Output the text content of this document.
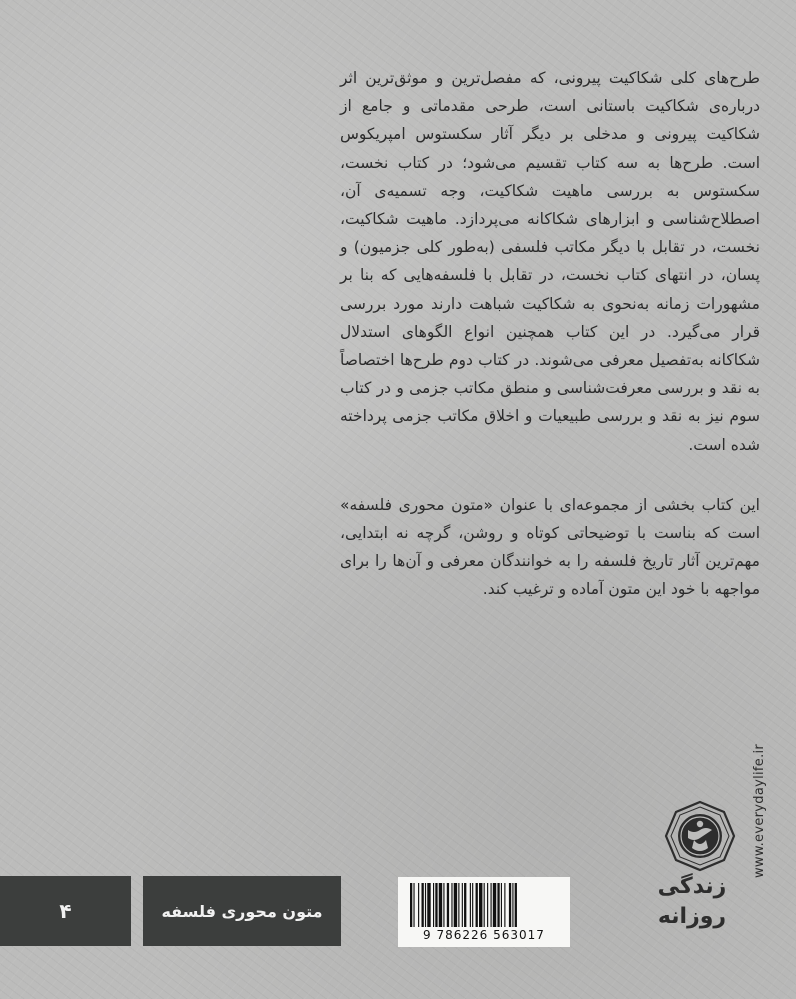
طرح‌های کلی شکاکیت پیرونی، که مفصل‌ترین و موثق‌ترین اثر درباره‌ی شکاکیت باستانی است، طرحی مقدماتی و جامع از شکاکیت پیرونی و مدخلی بر دیگر آثار سکستوس امپریکوس است. طرح‌ها به سه کتاب تقسیم می‌شود؛ در کتاب نخست، سکستوس به بررسی ماهیت شکاکیت، وجه تسمیه‌ی آن، اصطلاح‌شناسی و ابزارهای شکاکانه می‌پردازد. ماهیت شکاکیت، نخست، در تقابل با دیگر مکاتب فلسفی (به‌طور کلی جزمیون) و پسان، در انتهای کتاب نخست، در تقابل با فلسفه‌هایی که بنا بر مشهورات زمانه به‌نحوی به شکاکیت شباهت دارند مورد بررسی قرار می‌گیرد. در این کتاب همچنین انواع الگوهای استدلال شکاکانه به‌تفصیل معرفی می‌شوند. در کتاب دوم طرح‌ها اختصاصاً به نقد و بررسی معرفت‌شناسی و منطق مکاتب جزمی و در کتاب سوم نیز به نقد و بررسی طبیعیات و اخلاق مکاتب جزمی پرداخته شده است.

این کتاب بخشی از مجموعه‌ای با عنوان «متون محوری فلسفه» است که بناست با توضیحاتی کوتاه و روشن، گرچه نه ابتدایی، مهم‌ترین آثار تاریخ فلسفه را به خوانندگان معرفی و آن‌ها را برای مواجهه با خود این متون آماده و ترغیب کند.

۴	متون محوری فلسفه
9 786226 563017
زندگی
روزانه
www.everydaylife.ir
